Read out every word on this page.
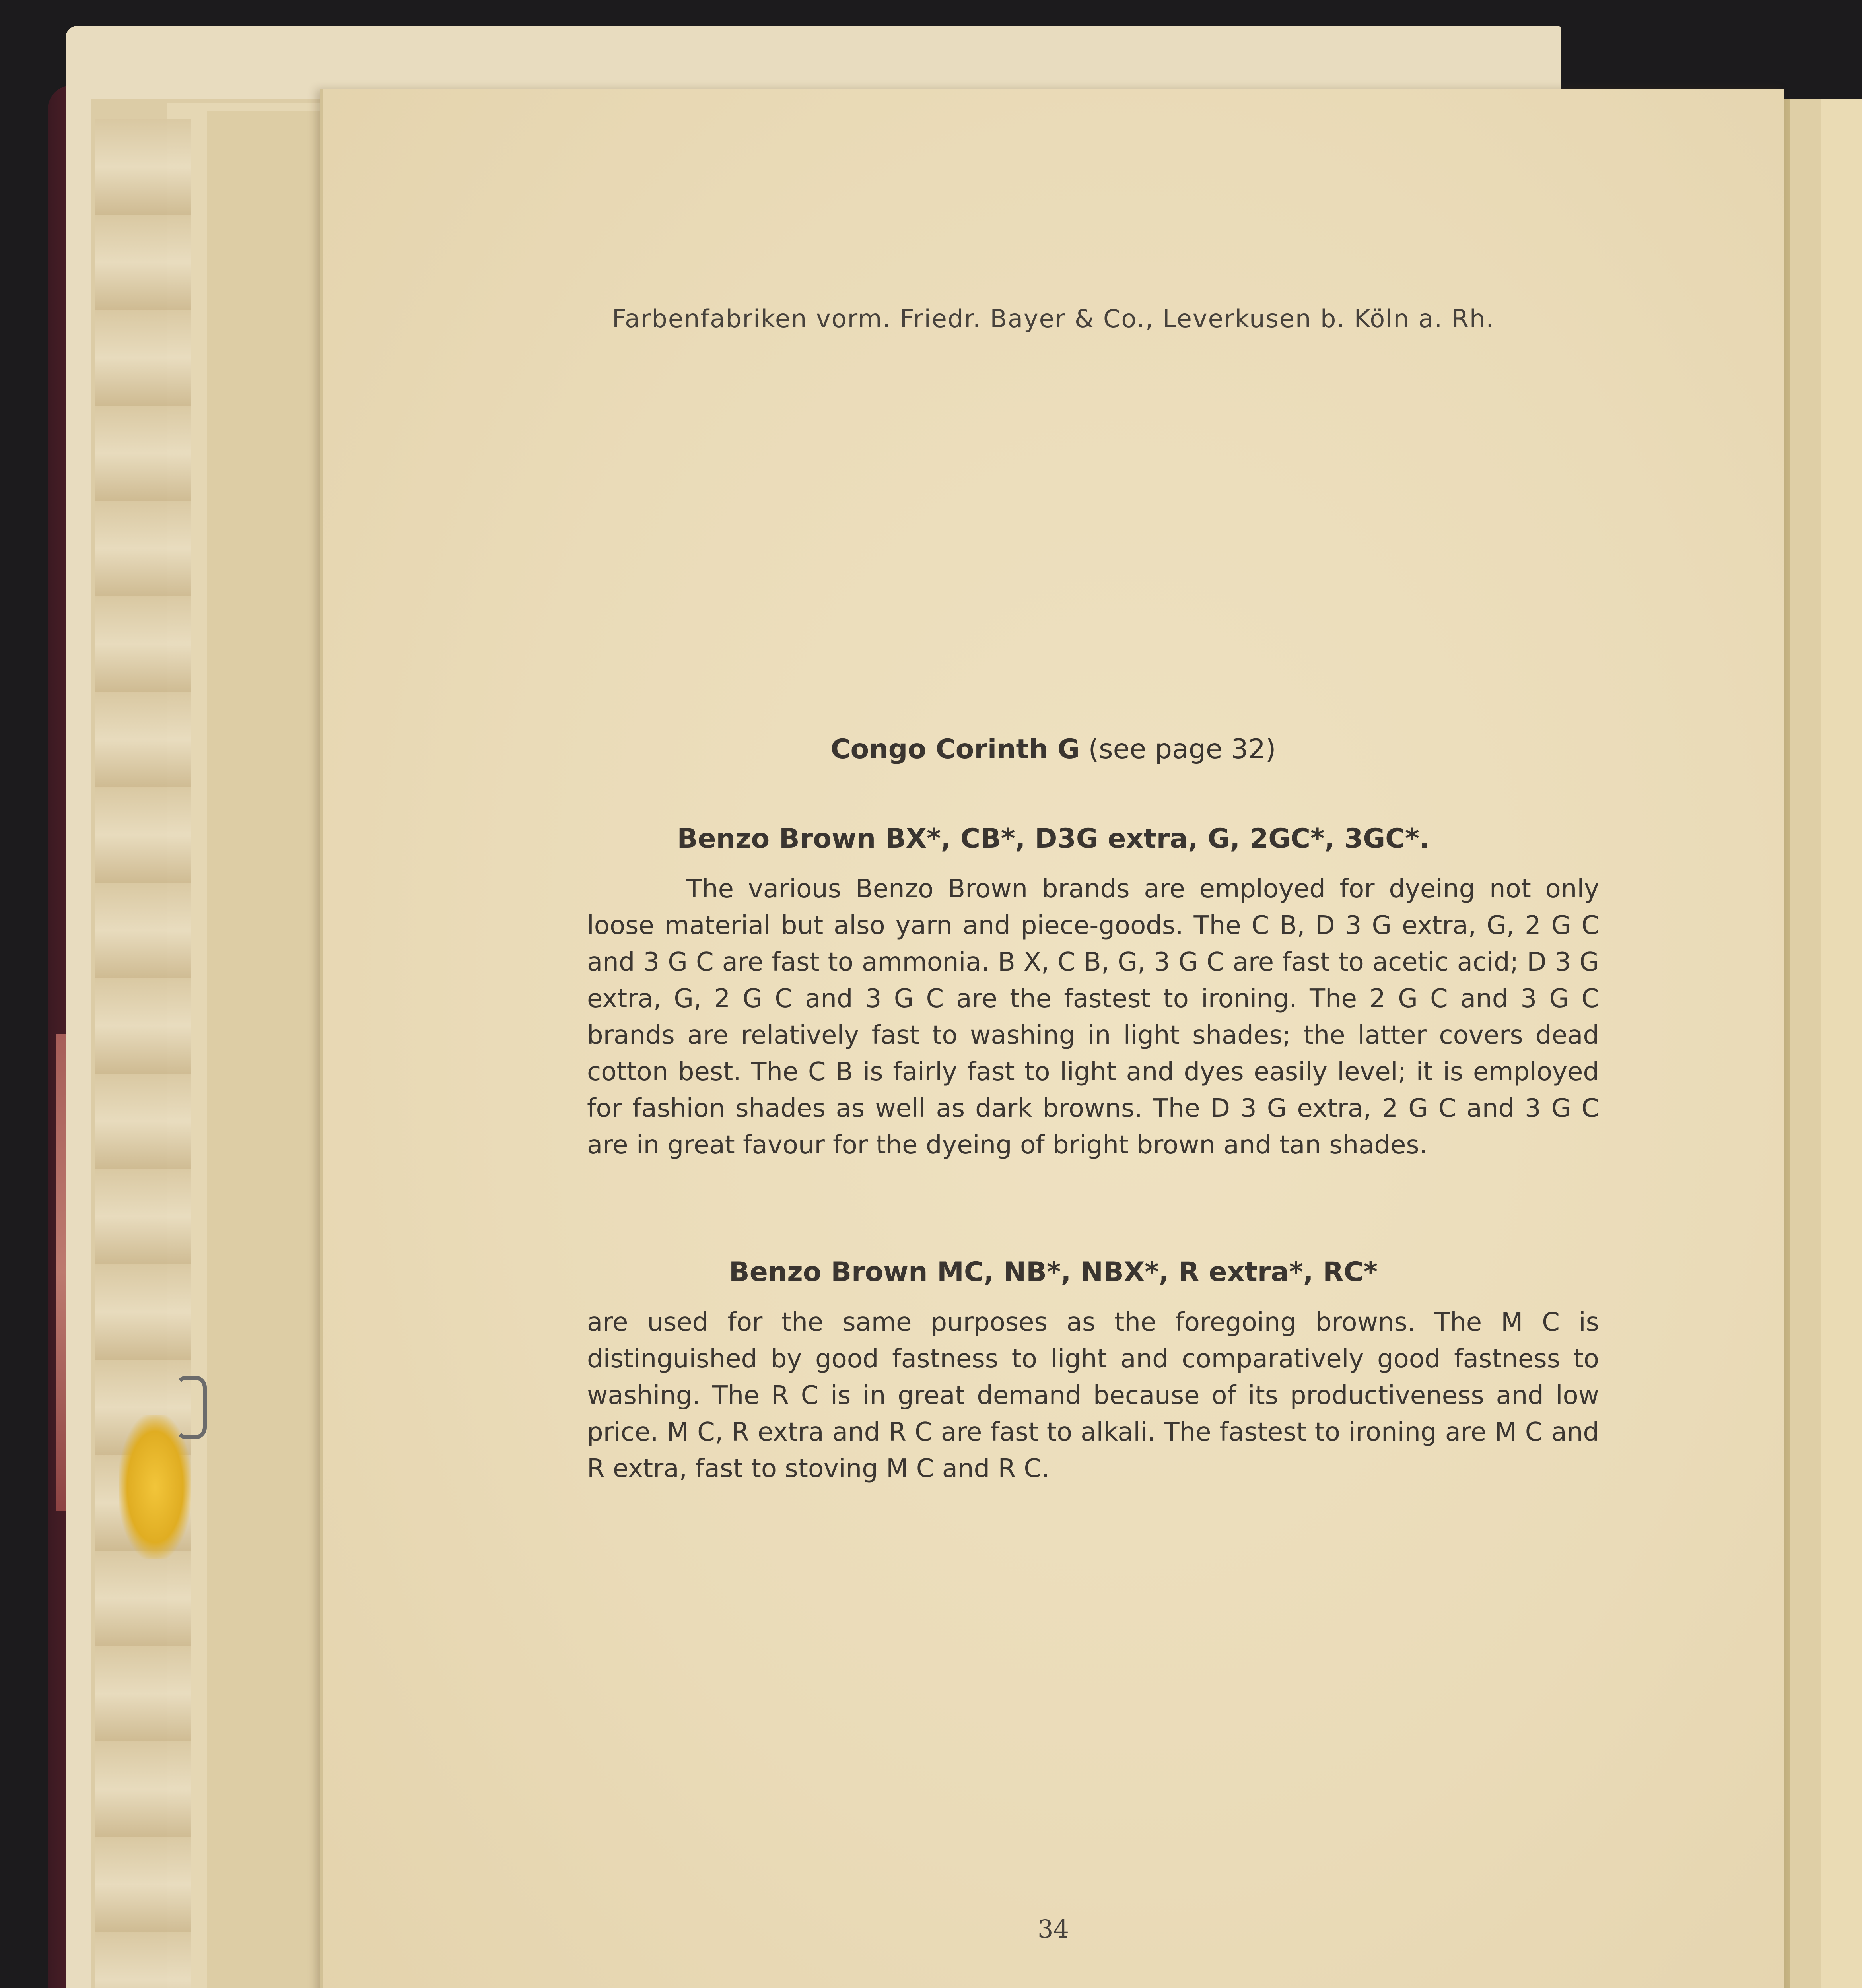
Farbenfabriken vorm. Friedr. Bayer & Co., Leverkusen b. Köln a. Rh.

Congo Corinth G (see page 32)

Benzo Brown BX*, CB*, D3G extra, G, 2GC*, 3GC*.

The various Benzo Brown brands are employed for dyeing not only loose material but also yarn and piece-goods. The C B, D 3 G extra, G, 2 G C and 3 G C are fast to ammonia. B X, C B, G, 3 G C are fast to acetic acid; D 3 G extra, G, 2 G C and 3 G C are the fastest to ironing. The 2 G C and 3 G C brands are relatively fast to washing in light shades; the latter covers dead cotton best. The C B is fairly fast to light and dyes easily level; it is employed for fashion shades as well as dark browns. The D 3 G extra, 2 G C and 3 G C are in great favour for the dyeing of bright brown and tan shades.

Benzo Brown MC, NB*, NBX*, R extra*, RC*

are used for the same purposes as the foregoing browns. The M C is distinguished by good fastness to light and comparatively good fastness to washing. The R C is in great demand because of its productiveness and low price. M C, R extra and R C are fast to alkali. The fastest to ironing are M C and R extra, fast to stoving M C and R C.

34
